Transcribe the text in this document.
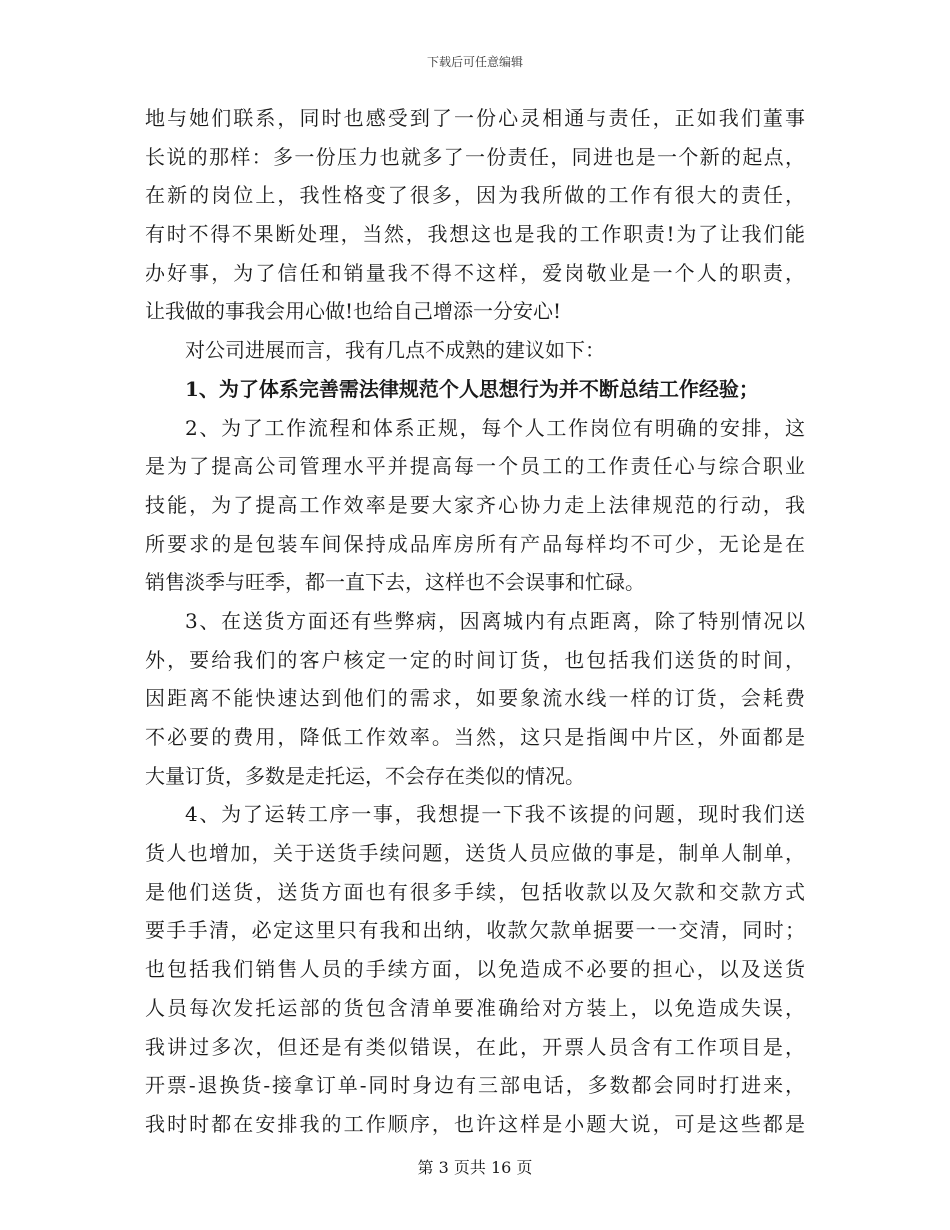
下载后可任意编辑
地与她们联系，同时也感受到了一份心灵相通与责任，正如我们董事
长说的那样：多一份压力也就多了一份责任，同进也是一个新的起点，
在新的岗位上，我性格变了很多，因为我所做的工作有很大的责任，
有时不得不果断处理，当然，我想这也是我的工作职责!为了让我们能
办好事，为了信任和销量我不得不这样，爱岗敬业是一个人的职责，
让我做的事我会用心做!也给自己增添一分安心!
对公司进展而言，我有几点不成熟的建议如下：
1、为了体系完善需法律规范个人思想行为并不断总结工作经验；
2、为了工作流程和体系正规，每个人工作岗位有明确的安排，这
是为了提高公司管理水平并提高每一个员工的工作责任心与综合职业
技能，为了提高工作效率是要大家齐心协力走上法律规范的行动，我
所要求的是包装车间保持成品库房所有产品每样均不可少，无论是在
销售淡季与旺季，都一直下去，这样也不会误事和忙碌。
3、在送货方面还有些弊病，因离城内有点距离，除了特别情况以
外，要给我们的客户核定一定的时间订货，也包括我们送货的时间，
因距离不能快速达到他们的需求，如要象流水线一样的订货，会耗费
不必要的费用，降低工作效率。当然，这只是指闽中片区，外面都是
大量订货，多数是走托运，不会存在类似的情况。
4、为了运转工序一事，我想提一下我不该提的问题，现时我们送
货人也增加，关于送货手续问题，送货人员应做的事是，制单人制单，
是他们送货，送货方面也有很多手续，包括收款以及欠款和交款方式
要手手清，必定这里只有我和出纳，收款欠款单据要一一交清，同时；
也包括我们销售人员的手续方面，以免造成不必要的担心，以及送货
人员每次发托运部的货包含清单要准确给对方装上，以免造成失误，
我讲过多次，但还是有类似错误，在此，开票人员含有工作项目是，
开票-退换货-接拿订单-同时身边有三部电话，多数都会同时打进来，
我时时都在安排我的工作顺序，也许这样是小题大说，可是这些都是
第 3 页共 16 页
